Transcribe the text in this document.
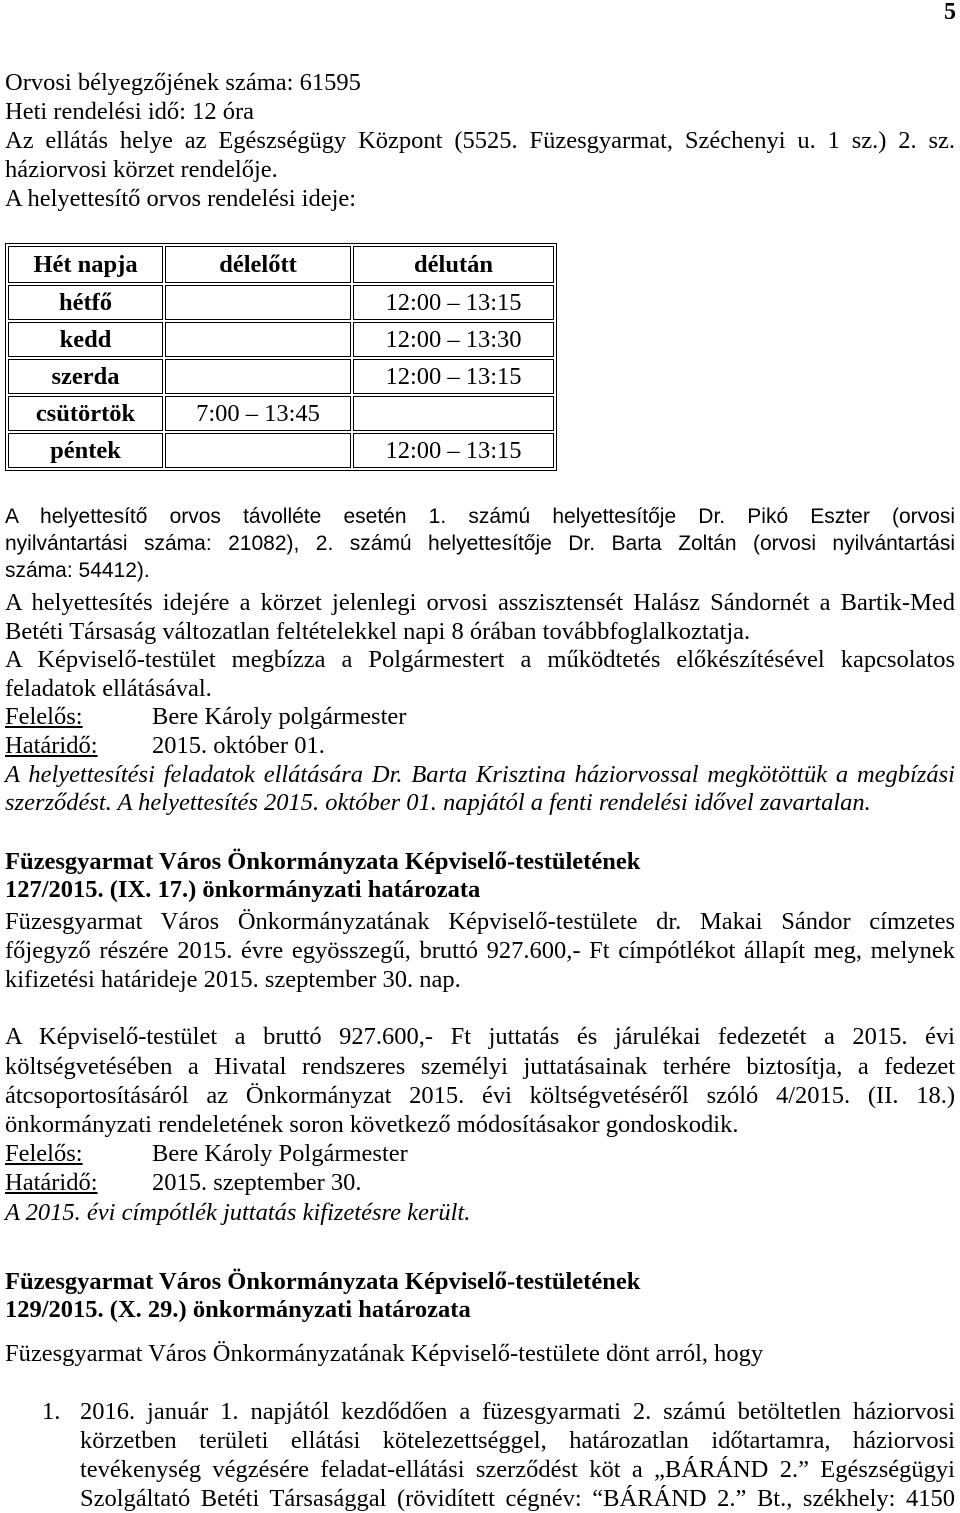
5
Orvosi bélyegzőjének száma: 61595
Heti rendelési idő: 12 óra
Az ellátás helye az Egészségügy Központ (5525. Füzesgyarmat, Széchenyi u. 1 sz.) 2. sz.
háziorvosi körzet rendelője.
A helyettesítő orvos rendelési ideje:
Hét napja	délelőtt	délután
hétfő		12:00 – 13:15
kedd		12:00 – 13:30
szerda		12:00 – 13:15
csütörtök	7:00 – 13:45	
péntek		12:00 – 13:15
A helyettesítő orvos távolléte esetén 1. számú helyettesítője Dr. Pikó Eszter (orvosi
nyilvántartási száma: 21082), 2. számú helyettesítője Dr. Barta Zoltán (orvosi nyilvántartási
száma: 54412).
A helyettesítés idejére a körzet jelenlegi orvosi asszisztensét Halász Sándornét a Bartik-Med
Betéti Társaság változatlan feltételekkel napi 8 órában továbbfoglalkoztatja.
A Képviselő-testület megbízza a Polgármestert a működtetés előkészítésével kapcsolatos
feladatok ellátásával.
Felelős:	Bere Károly polgármester
Határidő: 2015. október 01.
A helyettesítési feladatok ellátására Dr. Barta Krisztina háziorvossal megkötöttük a megbízási
szerződést. A helyettesítés 2015. október 01. napjától a fenti rendelési idővel zavartalan.
Füzesgyarmat Város Önkormányzata Képviselő-testületének
127/2015. (IX. 17.) önkormányzati határozata
Füzesgyarmat Város Önkormányzatának Képviselő-testülete dr. Makai Sándor címzetes
főjegyző részére 2015. évre egyösszegű, bruttó 927.600,- Ft címpótlékot állapít meg, melynek
kifizetési határideje 2015. szeptember 30. nap.
A Képviselő-testület a bruttó 927.600,- Ft juttatás és járulékai fedezetét a 2015. évi
költségvetésében a Hivatal rendszeres személyi juttatásainak terhére biztosítja, a fedezet
átcsoportosításáról az Önkormányzat 2015. évi költségvetéséről szóló 4/2015. (II. 18.)
önkormányzati rendeletének soron következő módosításakor gondoskodik.
Felelős:	Bere Károly Polgármester
Határidő: 2015. szeptember 30.
A 2015. évi címpótlék juttatás kifizetésre került.
Füzesgyarmat Város Önkormányzata Képviselő-testületének
129/2015. (X. 29.) önkormányzati határozata
Füzesgyarmat Város Önkormányzatának Képviselő-testülete dönt arról, hogy
1. 2016. január 1. napjától kezdődően a füzesgyarmati 2. számú betöltetlen háziorvosi
körzetben területi ellátási kötelezettséggel, határozatlan időtartamra, háziorvosi
tevékenység végzésére feladat-ellátási szerződést köt a „BÁRÁND 2.” Egészségügyi
Szolgáltató Betéti Társasággal (rövidített cégnév: “BÁRÁND 2.” Bt., székhely: 4150
